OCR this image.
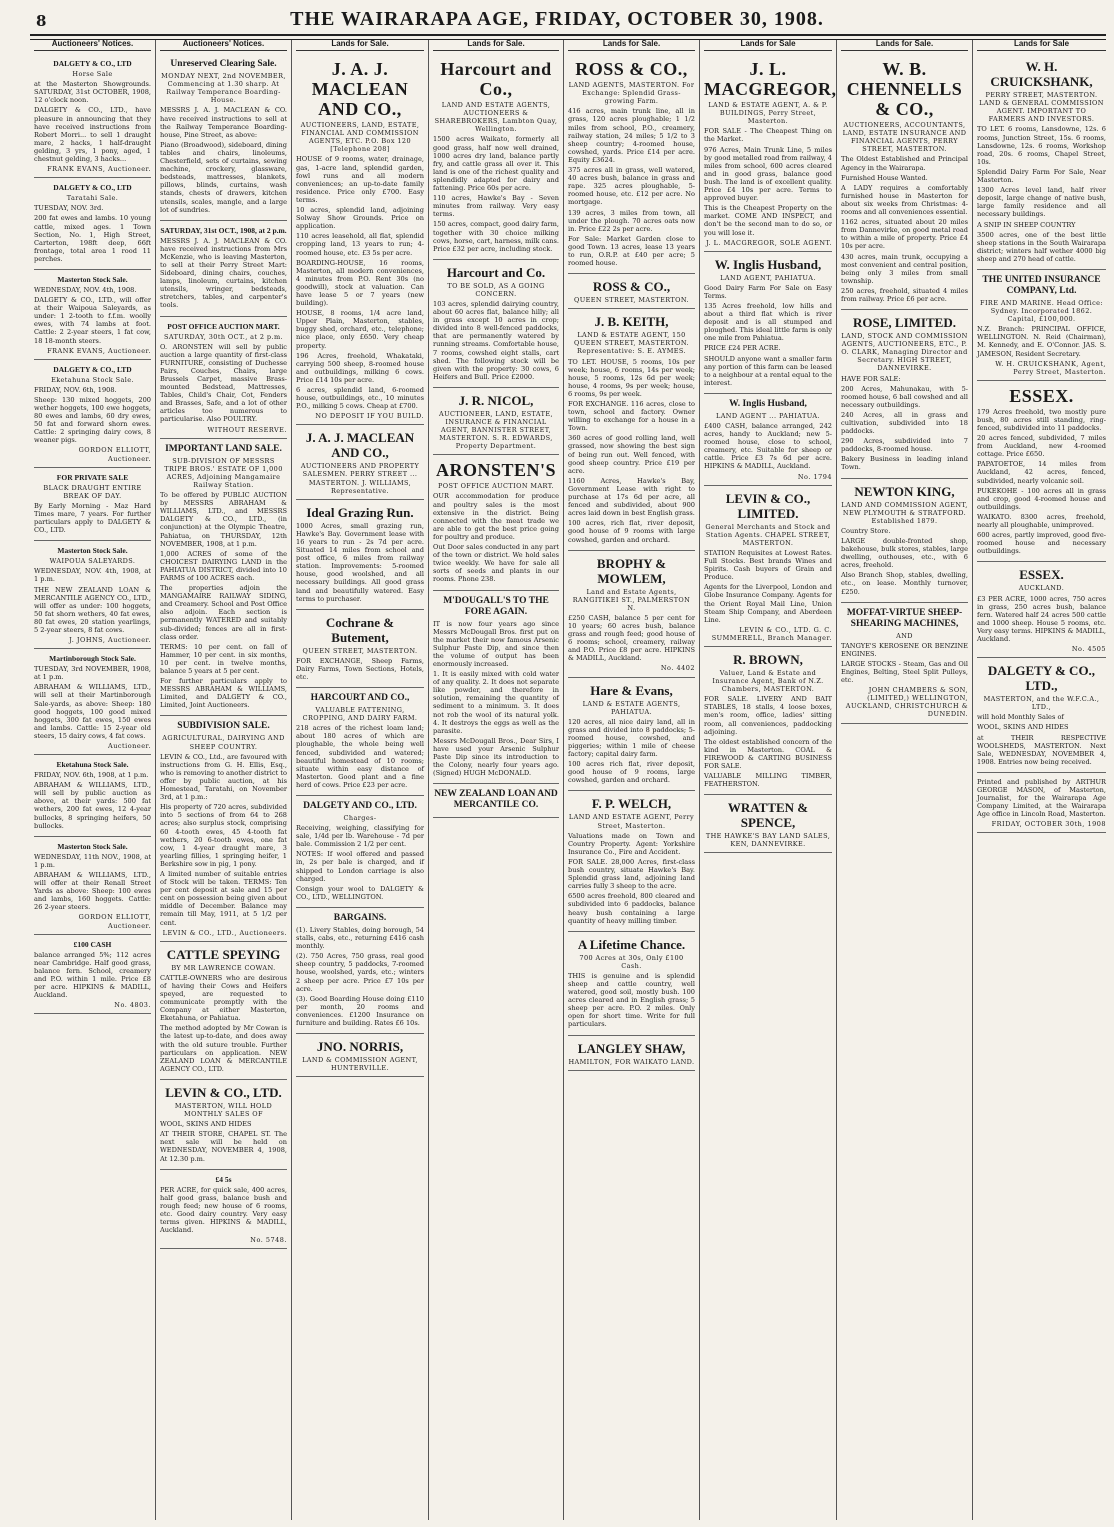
8	THE WAIRARAPA AGE, FRIDAY, OCTOBER 30, 1908.
Auctioneers' Notices.
DALGETY & CO., LTD
Horse Sale

at the Masterton Showgrounds. SATURDAY, 31st OCTOBER, 1908, 12 o'clock noon.

DALGETY & CO., LTD., have pleasure in announcing that they have received instructions from Robert Morri... to sell 1 draught mare, 2 hacks, 1 half-draught gelding, 3 yrs, 1 pony, aged, 1 chestnut gelding, 3 hacks...

FRANK EVANS, Auctioneer.
DALGETY & CO., LTD
Taratahi Sale.

TUESDAY, NOV. 3rd.

200 fat ewes and lambs. 10 young cattle, mixed ages. 1 Town Section, No. 1, High Street, Carterton, 198ft deep, 66ft frontage, total area 1 rood 11 perches.

Masterton Stock Sale.

WEDNESDAY, NOV. 4th, 1908.

DALGETY & CO., LTD., will offer at their Waipoua Saleyards, as under: 1 2-tooth to f.f.m. woolly ewes, with 74 lambs at foot. Cattle: 2 2-year steers, 1 fat cow, 18 18-month steers.

FRANK EVANS, Auctioneer.
DALGETY & CO., LTD
Eketahuna Stock Sale.

FRIDAY, NOV. 6th, 1908.

Sheep: 130 mixed hoggets, 200 wether hoggets, 100 ewe hoggets, 80 ewes and lambs, 60 dry ewes, 50 fat and forward shorn ewes. Cattle: 2 springing dairy cows, 8 weaner pigs.

GORDON ELLIOTT, Auctioneer.
FOR PRIVATE SALE
BLACK DRAUGHT ENTIRE BREAK OF DAY.

By Early Morning - Maz Hard Times mare, 7 years. For further particulars apply to DALGETY & CO., LTD.

Masterton Stock Sale.
WAIPOUA SALEYARDS.

WEDNESDAY, NOV. 4th, 1908, at 1 p.m.

THE NEW ZEALAND LOAN & MERCANTILE AGENCY CO., LTD., will offer as under: 100 hoggets, 50 fat shorn wethers, 40 fat ewes, 80 fat ewes, 20 station yearlings, 5 2-year steers, 8 fat cows.

J. JOHNS, Auctioneer.
Martinborough Stock Sale.

TUESDAY, 3rd NOVEMBER, 1908, at 1 p.m.

ABRAHAM & WILLIAMS, LTD., will sell at their Martinborough Sale-yards, as above: Sheep: 180 good hoggets, 100 good mixed hoggets, 300 fat ewes, 150 ewes and lambs. Cattle: 15 2-year old steers, 15 dairy cows, 4 fat cows.

Auctioneer.
Eketahuna Stock Sale.

FRIDAY, NOV. 6th, 1908, at 1 p.m.

ABRAHAM & WILLIAMS, LTD., will sell by public auction as above, at their yards: 500 fat wethers, 200 fat ewes, 12 4-year bullocks, 8 springing heifers, 50 bullocks.

Masterton Stock Sale.

WEDNESDAY, 11th NOV., 1908, at 1 p.m.

ABRAHAM & WILLIAMS, LTD., will offer at their Renall Street Yards as above: Sheep: 100 ewes and lambs, 160 hoggets. Cattle: 26 2-year steers.

GORDON ELLIOTT, Auctioneer.
£100 CASH

balance arranged 5%; 112 acres near Cambridge. Half good grass, balance fern. School, creamery and P.O. within 1 mile. Price £8 per acre. HIPKINS & MADILL, Auckland.

No. 4803.
Auctioneers' Notices.
Unreserved Clearing Sale.
MONDAY NEXT, 2nd NOVEMBER, Commencing at 1.30 sharp. At Railway Temperance Boarding-House.

MESSRS J. A. J. MACLEAN & CO. have received instructions to sell at the Railway Temperance Boarding-house, Pine Street, as above:

Piano (Broadwood), sideboard, dining tables and chairs, linoleums, Chesterfield, sets of curtains, sewing machine, crockery, glassware, bedsteads, mattresses, blankets, pillows, blinds, curtains, wash stands, chests of drawers, kitchen utensils, scales, mangle, and a large lot of sundries.

SATURDAY, 31st OCT., 1908, at 2 p.m.

MESSRS J. A. J. MACLEAN & CO. have received instructions from Mrs McKenzie, who is leaving Masterton, to sell at their Perry Street Mart: Sideboard, dining chairs, couches, lamps, linoleum, curtains, kitchen utensils, wringer, bedsteads, stretchers, tables, and carpenter's tools.

POST OFFICE AUCTION MART.
SATURDAY, 30th OCT., at 2 p.m.

O. ARONSTEN will sell by public auction a large quantity of first-class FURNITURE, consisting of Duchesse Pairs, Couches, Chairs, large Brussels Carpet, massive Brass-mounted Bedstead, Mattresses, Tables, Child's Chair, Cot, Fenders and Brasses, Safe, and a lot of other articles too numerous to particularise. Also POULTRY.

WITHOUT RESERVE.
IMPORTANT LAND SALE.
SUB-DIVISION OF MESSRS TRIPE BROS.' ESTATE OF 1,000 ACRES, Adjoining Mangamaire Railway Station.

To be offered by PUBLIC AUCTION by MESSRS ABRAHAM & WILLIAMS, LTD., and MESSRS DALGETY & CO., LTD., (in conjunction) at the Olympic Theatre, Pahiatua, on THURSDAY, 12th NOVEMBER, 1908, at 1 p.m.

1,000 ACRES of some of the CHOICEST DAIRYING LAND in the PAHIATUA DISTRICT, divided into 10 FARMS of 100 ACRES each.

The properties adjoin the MANGAMAIRE RAILWAY SIDING, and Creamery. School and Post Office also adjoin. Each section is permanently WATERED and suitably sub-divided; fences are all in first-class order.

TERMS: 10 per cent. on fall of Hammer, 10 per cent. in six months, 10 per cent. in twelve months, balance 5 years at 5 per cent.

For further particulars apply to MESSRS ABRAHAM & WILLIAMS, Limited, and DALGETY & CO., Limited, Joint Auctioneers.

SUBDIVISION SALE.
AGRICULTURAL, DAIRYING AND SHEEP COUNTRY.

LEVIN & CO., Ltd., are favoured with instructions from G. H. Ellis, Esq., who is removing to another district to offer by public auction, at his Homestead, Taratahi, on November 3rd, at 1 p.m.:

His property of 720 acres, subdivided into 5 sections of from 64 to 268 acres; also surplus stock, comprising 60 4-tooth ewes, 45 4-tooth fat wethers, 20 6-tooth ewes, one fat cow, 1 4-year draught mare, 3 yearling fillies, 1 springing heifer, 1 Berkshire sow in pig, 1 pony.

A limited number of suitable entries of Stock will be taken. TERMS: Ten per cent deposit at sale and 15 per cent on possession being given about middle of December. Balance may remain till May, 1911, at 5 1/2 per cent.

LEVIN & CO., LTD., Auctioneers.
CATTLE SPEYING
BY MR LAWRENCE COWAN.

CATTLE-OWNERS who are desirous of having their Cows and Heifers speyed, are requested to communicate promptly with the Company at either Masterton, Eketahuna, or Pahiatua.

The method adopted by Mr Cowan is the latest up-to-date, and does away with the old suture trouble. Further particulars on application. NEW ZEALAND LOAN & MERCANTILE AGENCY CO., LTD.

LEVIN & CO., LTD.
MASTERTON, WILL HOLD MONTHLY SALES OF

WOOL, SKINS AND HIDES

AT THEIR STORE, CHAPEL ST. The next sale will be held on WEDNESDAY, NOVEMBER 4, 1908, At 12.30 p.m.

£4 5s

PER ACRE, for quick sale, 400 acres, half good grass, balance bush and rough feed; new house of 6 rooms, etc. Good dairy country. Very easy terms given. HIPKINS & MADILL, Auckland.

No. 5748.
Lands for Sale.
J. A. J. MACLEAN AND CO.,
AUCTIONEERS, LAND, ESTATE, FINANCIAL AND COMMISSION AGENTS, ETC. P.O. Box 120 [Telephone 208]

HOUSE of 9 rooms, water, drainage, gas, 1-acre land, splendid garden, fowl runs and all modern conveniences; an up-to-date family residence. Price only £700. Easy terms.

10 acres, splendid land, adjoining Solway Show Grounds. Price on application.

110 acres leasehold, all flat, splendid cropping land, 13 years to run; 4-roomed house, etc. £3 5s per acre.

BOARDING-HOUSE, 16 rooms, Masterton, all modern conveniences, 4 minutes from P.O. Rent 30s (no goodwill), stock at valuation. Can have lease 5 or 7 years (new building).

HOUSE, 8 rooms, 1/4 acre land, Upper Plain, Masterton, stables, buggy shed, orchard, etc., telephone; nice place, only £650. Very cheap property.

196 Acres, freehold, Whakataki, carrying 500 sheep, 8-roomed house and outbuildings, milking 6 cows. Price £14 10s per acre.

6 acres, splendid land, 6-roomed house, outbuildings, etc., 10 minutes P.O., milking 5 cows. Cheap at £700.

NO DEPOSIT IF YOU BUILD.
J. A. J. MACLEAN AND CO.,
AUCTIONEERS AND PROPERTY SALESMEN. PERRY STREET ... MASTERTON. J. WILLIAMS, Representative.
Ideal Grazing Run.

1000 Acres, small grazing run, Hawke's Bay. Government lease with 16 years to run - 2s 7d per acre. Situated 14 miles from school and post office, 6 miles from railway station. Improvements: 5-roomed house, good woolshed, and all necessary buildings. All good grass land and beautifully watered. Easy terms to purchaser.

Cochrane & Butement,
QUEEN STREET, MASTERTON.

FOR EXCHANGE, Sheep Farms, Dairy Farms, Town Sections, Hotels, etc.

HARCOURT AND CO.,
VALUABLE FATTENING, CROPPING, AND DAIRY FARM.

218 acres of the richest loam land; about 180 acres of which are ploughable, the whole being well fenced, subdivided and watered; beautiful homestead of 10 rooms; situate within easy distance of Masterton. Good plant and a fine herd of cows. Price £23 per acre.

DALGETY AND CO., LTD.
Charges-

Receiving, weighing, classifying for sale, 1/4d per lb. Warehouse - 7d per bale. Commission 2 1/2 per cent.

NOTES: If wool offered and passed in, 2s per bale is charged, and if shipped to London carriage is also charged.

Consign your wool to DALGETY & CO., LTD., WELLINGTON.

BARGAINS.

(1). Livery Stables, doing borough, 54 stalls, cabs, etc., returning £416 cash monthly.

(2). 750 Acres, 750 grass, real good sheep country, 5 paddocks, 7-roomed house, woolshed, yards, etc.; winters 2 sheep per acre. Price £7 10s per acre.

(3). Good Boarding House doing £110 per month, 20 rooms and conveniences. £1200 Insurance on furniture and building. Rates £6 10s.

JNO. NORRIS,
LAND & COMMISSION AGENT, HUNTERVILLE.
Lands for Sale.
Harcourt and Co.,
LAND AND ESTATE AGENTS, AUCTIONEERS & SHAREBROKERS, Lambton Quay, Wellington.

1500 acres Waikato, formerly all good grass, half now well drained, 1000 acres dry land, balance partly fry, and cattle grass all over it. This land is one of the richest quality and splendidly adapted for dairy and fattening. Price 60s per acre.

110 acres, Hawke's Bay - Seven minutes from railway. Very easy terms.

150 acres, compact, good dairy farm, together with 30 choice milking cows, horse, cart, harness, milk cans. Price £32 per acre, including stock.

Harcourt and Co.
TO BE SOLD, AS A GOING CONCERN.

103 acres, splendid dairying country, about 60 acres flat, balance hilly; all in grass except 10 acres in crop; divided into 8 well-fenced paddocks, that are permanently watered by running streams. Comfortable house, 7 rooms, cowshed eight stalls, cart shed. The following stock will be given with the property: 30 cows, 6 Heifers and Bull. Price £2000.

J. R. NICOL,
AUCTIONEER, LAND, ESTATE, INSURANCE & FINANCIAL AGENT, BANNISTER STREET, MASTERTON. S. R. EDWARDS, Property Department.
ARONSTEN'S
POST OFFICE AUCTION MART.

OUR accommodation for produce and poultry sales is the most extensive in the district. Being connected with the meat trade we are able to get the best price going for poultry and produce.

Out Door sales conducted in any part of the town or district. We hold sales twice weekly. We have for sale all sorts of seeds and plants in our rooms. Phone 238.

M'DOUGALL'S TO THE FORE AGAIN.

IT is now four years ago since Messrs McDougall Bros. first put on the market their now famous Arsenic Sulphur Paste Dip, and since then the volume of output has been enormously increased.

1. It is easily mixed with cold water of any quality. 2. It does not separate like powder, and therefore in solution, remaining the quantity of sediment to a minimum. 3. It does not rob the wool of its natural yolk. 4. It destroys the eggs as well as the parasite.

Messrs McDougall Bros., Dear Sirs, I have used your Arsenic Sulphur Paste Dip since its introduction to the Colony, nearly four years ago. (Signed) HUGH McDONALD.

NEW ZEALAND LOAN AND MERCANTILE CO.
Lands for Sale.
ROSS & CO.,
LAND AGENTS, MASTERTON. For Exchange: Splendid Grass-growing Farm.

416 acres, main trunk line, all in grass, 120 acres ploughable; 1 1/2 miles from school, P.O., creamery, railway station, 24 miles; 5 1/2 to 3 sheep country; 4-roomed house, cowshed, yards. Price £14 per acre. Equity £3624.

375 acres all in grass, well watered, 40 acres bush, balance in grass and rape. 325 acres ploughable, 5-roomed house, etc. £12 per acre. No mortgage.

139 acres, 3 miles from town, all under the plough. 70 acres oats now in. Price £22 2s per acre.

For Sale: Market Garden close to good Town. 13 acres, lease 13 years to run, O.R.P. at £40 per acre; 5 roomed house.

ROSS & CO.,
QUEEN STREET, MASTERTON.
J. B. KEITH,
LAND & ESTATE AGENT, 150 QUEEN STREET, MASTERTON. Representative: S. E. AYMES.

TO LET. HOUSE, 5 rooms, 10s per week; house, 6 rooms, 14s per week; house, 5 rooms, 12s 6d per week; house, 4 rooms, 9s per week; house, 6 rooms, 9s per week.

FOR EXCHANGE. 116 acres, close to town, school and factory. Owner willing to exchange for a house in a Town.

360 acres of good rolling land, well grassed, now showing the best sign of being run out. Well fenced, with good sheep country. Price £19 per acre.

1160 Acres, Hawke's Bay, Government Lease with right to purchase at 17s 6d per acre, all fenced and subdivided, about 900 acres laid down in best English grass.

100 acres, rich flat, river deposit, good house of 9 rooms with large cowshed, garden and orchard.

BROPHY & MOWLEM,
Land and Estate Agents, RANGITIKEI ST., PALMERSTON N.

£250 CASH, balance 5 per cent for 10 years; 60 acres bush, balance grass and rough feed; good house of 6 rooms; school, creamery, railway and P.O. Price £8 per acre. HIPKINS & MADILL, Auckland.

No. 4402
Hare & Evans,
LAND & ESTATE AGENTS, PAHIATUA.

120 acres, all nice dairy land, all in grass and divided into 8 paddocks; 5-roomed house, cowshed, and piggeries; within 1 mile of cheese factory; capital dairy farm.

100 acres rich flat, river deposit, good house of 9 rooms, large cowshed, garden and orchard.

F. P. WELCH,
LAND AND ESTATE AGENT, Perry Street, Masterton.

Valuations made on Town and Country Property. Agent: Yorkshire Insurance Co., Fire and Accident.

FOR SALE. 28,000 Acres, first-class bush country, situate Hawke's Bay. Splendid grass land, adjoining land carries fully 3 sheep to the acre.

6500 acres freehold, 800 cleared and subdivided into 6 paddocks, balance heavy bush containing a large quantity of heavy milling timber.

A Lifetime Chance.
700 Acres at 30s, Only £100 Cash.

THIS is genuine and is splendid sheep and cattle country, well watered, good soil, mostly bush. 100 acres cleared and in English grass; 5 sheep per acre. P.O. 2 miles. Only open for short time. Write for full particulars.

LANGLEY SHAW,
HAMILTON, FOR WAIKATO LAND.
Lands for Sale
J. L. MACGREGOR,
LAND & ESTATE AGENT, A. & P. BUILDINGS, Perry Street, Masterton.

FOR SALE - The Cheapest Thing on the Market.

976 Acres, Main Trunk Line, 5 miles by good metalled road from railway, 4 miles from school, 600 acres cleared and in good grass, balance good bush. The land is of excellent quality. Price £4 10s per acre. Terms to approved buyer.

This is the Cheapest Property on the market. COME AND INSPECT, and don't be the second man to do so, or you will lose it.

J. L. MACGREGOR, SOLE AGENT.
W. Inglis Husband,
LAND AGENT, PAHIATUA.

Good Dairy Farm For Sale on Easy Terms.

135 Acres freehold, low hills and about a third flat which is river deposit and is all stumped and ploughed. This ideal little farm is only one mile from Pahiatua.

PRICE £24 PER ACRE.

SHOULD anyone want a smaller farm any portion of this farm can be leased to a neighbour at a rental equal to the interest.

W. Inglis Husband,
LAND AGENT ... PAHIATUA.

£400 CASH, balance arranged, 242 acres, handy to Auckland; new 5-roomed house, close to school, creamery, etc. Suitable for sheep or cattle. Price £3 7s 6d per acre. HIPKINS & MADILL, Auckland.

No. 1794
LEVIN & CO., LIMITED.
General Merchants and Stock and Station Agents. CHAPEL STREET, MASTERTON.

STATION Requisites at Lowest Rates. Full Stocks. Best brands Wines and Spirits. Cash buyers of Grain and Produce.

Agents for the Liverpool, London and Globe Insurance Company. Agents for the Orient Royal Mail Line, Union Steam Ship Company, and Aberdeen Line.

LEVIN & CO., LTD. G. C. SUMMERELL, Branch Manager.
R. BROWN,
Valuer, Land & Estate and Insurance Agent, Bank of N.Z. Chambers, MASTERTON.

FOR SALE. LIVERY AND BAIT STABLES, 18 stalls, 4 loose boxes, men's room, office, ladies' sitting room, all conveniences, paddocking adjoining.

The oldest established concern of the kind in Masterton. COAL & FIREWOOD & CARTING BUSINESS FOR SALE.

VALUABLE MILLING TIMBER, FEATHERSTON.

WRATTEN & SPENCE,
THE HAWKE'S BAY LAND SALES, KEN, DANNEVIRKE.
Lands for Sale.
W. B. CHENNELLS & CO.,
AUCTIONEERS, ACCOUNTANTS, LAND, ESTATE INSURANCE AND FINANCIAL AGENTS, PERRY STREET, MASTERTON.

The Oldest Established and Principal Agency in the Wairarapa.

Furnished House Wanted.

A LADY requires a comfortably furnished house in Masterton for about six weeks from Christmas: 4-rooms and all conveniences essential.

1162 acres, situated about 20 miles from Dannevirke, on good metal road to within a mile of property. Price £4 10s per acre.

430 acres, main trunk, occupying a most convenient and central position, being only 3 miles from small township.

250 acres, freehold, situated 4 miles from railway. Price £6 per acre.

ROSE, LIMITED.
LAND, STOCK AND COMMISSION AGENTS, AUCTIONEERS, ETC., P. O. CLARK, Managing Director and Secretary. HIGH STREET, DANNEVIRKE.

HAVE FOR SALE:

200 Acres, Mahunakau, with 5-roomed house, 6 ball cowshed and all necessary outbuildings.

240 Acres, all in grass and cultivation, subdivided into 18 paddocks.

290 Acres, subdivided into 7 paddocks, 8-roomed house.

Bakery Business in leading inland Town.

NEWTON KING,
LAND AND COMMISSION AGENT, NEW PLYMOUTH & STRATFORD. Established 1879.

Country Store.

LARGE double-fronted shop, bakehouse, bulk stores, stables, large dwelling, outhouses, etc., with 6 acres, freehold.

Also Branch Shop, stables, dwelling, etc., on lease. Monthly turnover, £250.

MOFFAT-VIRTUE SHEEP-SHEARING MACHINES,
AND

TANGYE'S KEROSENE OR BENZINE ENGINES.

LARGE STOCKS - Steam, Gas and Oil Engines, Belting, Steel Split Pulleys, etc.

JOHN CHAMBERS & SON, (LIMITED,) WELLINGTON, AUCKLAND, CHRISTCHURCH & DUNEDIN.
Lands for Sale
W. H. CRUICKSHANK,
PERRY STREET, MASTERTON. LAND & GENERAL COMMISSION AGENT. IMPORTANT TO FARMERS AND INVESTORS.

TO LET. 6 rooms, Lansdowne, 12s. 6 rooms, Junction Street, 15s. 6 rooms, Lansdowne, 12s. 6 rooms, Workshop road, 20s. 6 rooms, Chapel Street, 10s.

Splendid Dairy Farm For Sale, Near Masterton.

1300 Acres level land, half river deposit, large change of native bush, large family residence and all necessary buildings.

A SNIP IN SHEEP COUNTRY

3500 acres, one of the best little sheep stations in the South Wairarapa district; winters half wether 4000 big sheep and 270 head of cattle.

THE UNITED INSURANCE COMPANY, Ltd.
FIRE AND MARINE. Head Office: Sydney. Incorporated 1862. Capital, £100,000.

N.Z. Branch: PRINCIPAL OFFICE, WELLINGTON. N. Reid (Chairman), M. Kennedy, and E. O'Connor. JAS. S. JAMESON, Resident Secretary.

W. H. CRUICKSHANK, Agent, Perry Street, Masterton.
ESSEX.

179 Acres freehold, two mostly pure bush, 80 acres still standing, ring-fenced, subdivided into 11 paddocks.

20 acres fenced, subdivided, 7 miles from Auckland, new 4-roomed cottage. Price £650.

PAPATOETOE, 14 miles from Auckland, 42 acres, fenced, subdivided, nearly volcanic soil.

PUKEKOHE - 100 acres all in grass and crop, good 4-roomed house and outbuildings.

WAIKATO. 8300 acres, freehold, nearly all ploughable, unimproved.

600 acres, partly improved, good five-roomed house and necessary outbuildings.

ESSEX.
AUCKLAND.

£3 PER ACRE, 1000 acres, 750 acres in grass, 250 acres bush, balance fern. Watered half 24 acres 500 cattle and 1000 sheep. House 5 rooms, etc. Very easy terms. HIPKINS & MADILL, Auckland.

No. 4505
DALGETY & CO., LTD.,
MASTERTON, and the W.F.C.A., LTD.,

will hold Monthly Sales of

WOOL, SKINS AND HIDES

at THEIR RESPECTIVE WOOLSHEDS, MASTERTON. Next Sale, WEDNESDAY, NOVEMBER 4, 1908. Entries now being received.

Printed and published by ARTHUR GEORGE MASON, of Masterton, Journalist, for the Wairarapa Age Company Limited, at the Wairarapa Age office in Lincoln Road, Masterton.

FRIDAY, OCTOBER 30th, 1908
